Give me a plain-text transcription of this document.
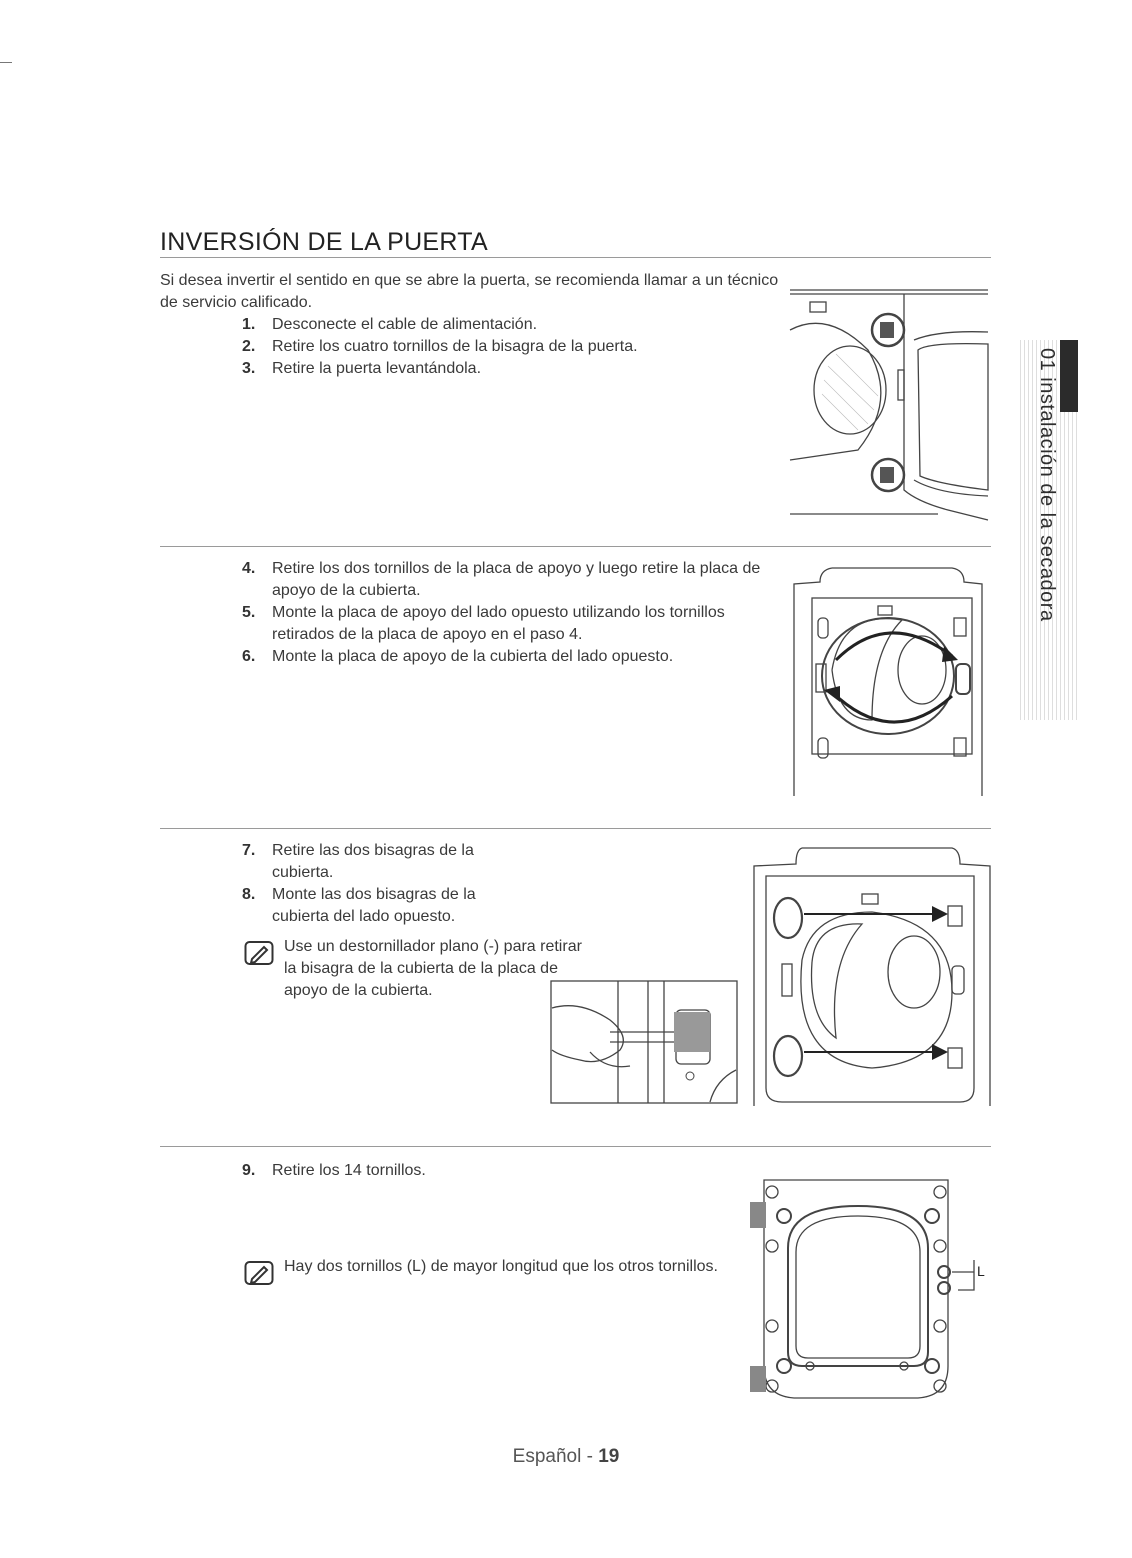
INVERSIÓN DE LA PUERTA
Si desea invertir el sentido en que se abre la puerta, se recomienda llamar a un técnico de servicio calificado.
1. Desconecte el cable de alimentación.
2. Retire los cuatro tornillos de la bisagra de la puerta.
3. Retire la puerta levantándola.
4. Retire los dos tornillos de la placa de apoyo y luego retire la placa de apoyo de la cubierta.
5. Monte la placa de apoyo del lado opuesto utilizando los tornillos retirados de la placa de apoyo en el paso 4.
6. Monte la placa de apoyo de la cubierta del lado opuesto.
7. Retire las dos bisagras de la cubierta.
8. Monte las dos bisagras de la cubierta del lado opuesto.
Use un destornillador plano (-) para retirar la bisagra de la cubierta de la placa de apoyo de la cubierta.
9. Retire los 14 tornillos.
Hay dos tornillos (L) de mayor longitud que los otros tornillos.	L
01 instalación de la secadora
Español - 19
